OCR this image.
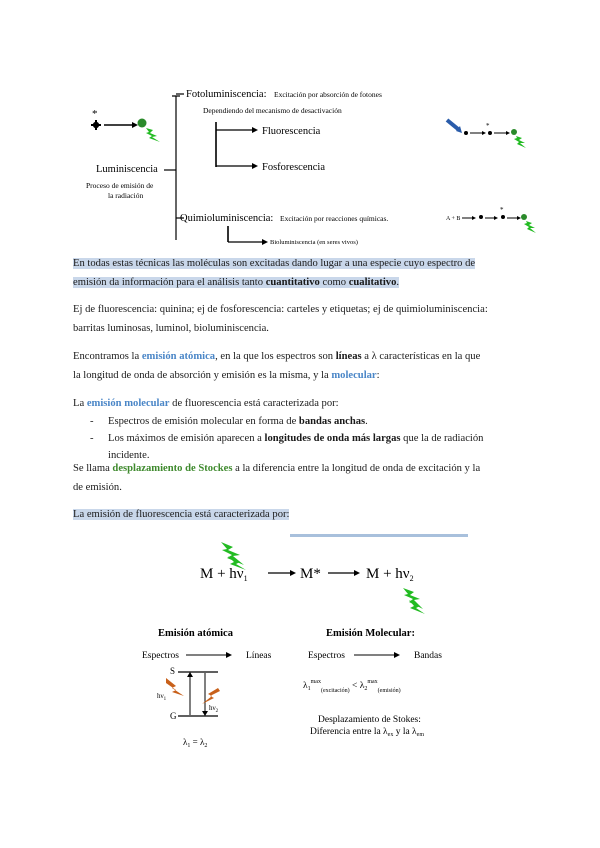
*
Fotoluminiscencia: Excitación por absorción de fotones
Dependiendo del mecanismo de desactivación
Fluorescencia
Fosforescencia
Luminiscencia
Proceso de emisión de
la radiación
Quimioluminiscencia: Excitación por reacciones químicas.
Bioluminiscencia (en seres vivos)
*
A + B
*
En todas estas técnicas las moléculas son excitadas dando lugar a una especie cuyo espectro de
emisión da información para el análisis tanto cuantitativo como cualitativo.
Ej de fluorescencia: quinina; ej de fosforescencia: carteles y etiquetas; ej de quimioluminiscencia:
barritas luminosas, luminol, bioluminiscencia.
Encontramos la emisión atómica, en la que los espectros son líneas a λ características en la que
la longitud de onda de absorción y emisión es la misma, y la molecular:
La emisión molecular de fluorescencia está caracterizada por:
- Espectros de emisión molecular en forma de bandas anchas.
- Los máximos de emisión aparecen a longitudes de onda más largas que la de radiación
incidente.
Se llama desplazamiento de Stockes a la diferencia entre la longitud de onda de excitación y la
de emisión.
La emisión de fluorescencia está caracterizada por:
$M + h\nu_1$	M*	$M + h\nu_2$
Emisión atómica
Espectros	Líneas
S
G
$h\nu_1$
$h\nu_2$
$\lambda_1 = \lambda_2$
Emisión Molecular:
Espectros	Bandas
$\lambda_1^{max}_{(excitación)} < \lambda_2^{max}_{(emisión)}$
Desplazamiento de Stokes:
Diferencia entre la $\lambda_{ex}$ y la $\lambda_{em}$
